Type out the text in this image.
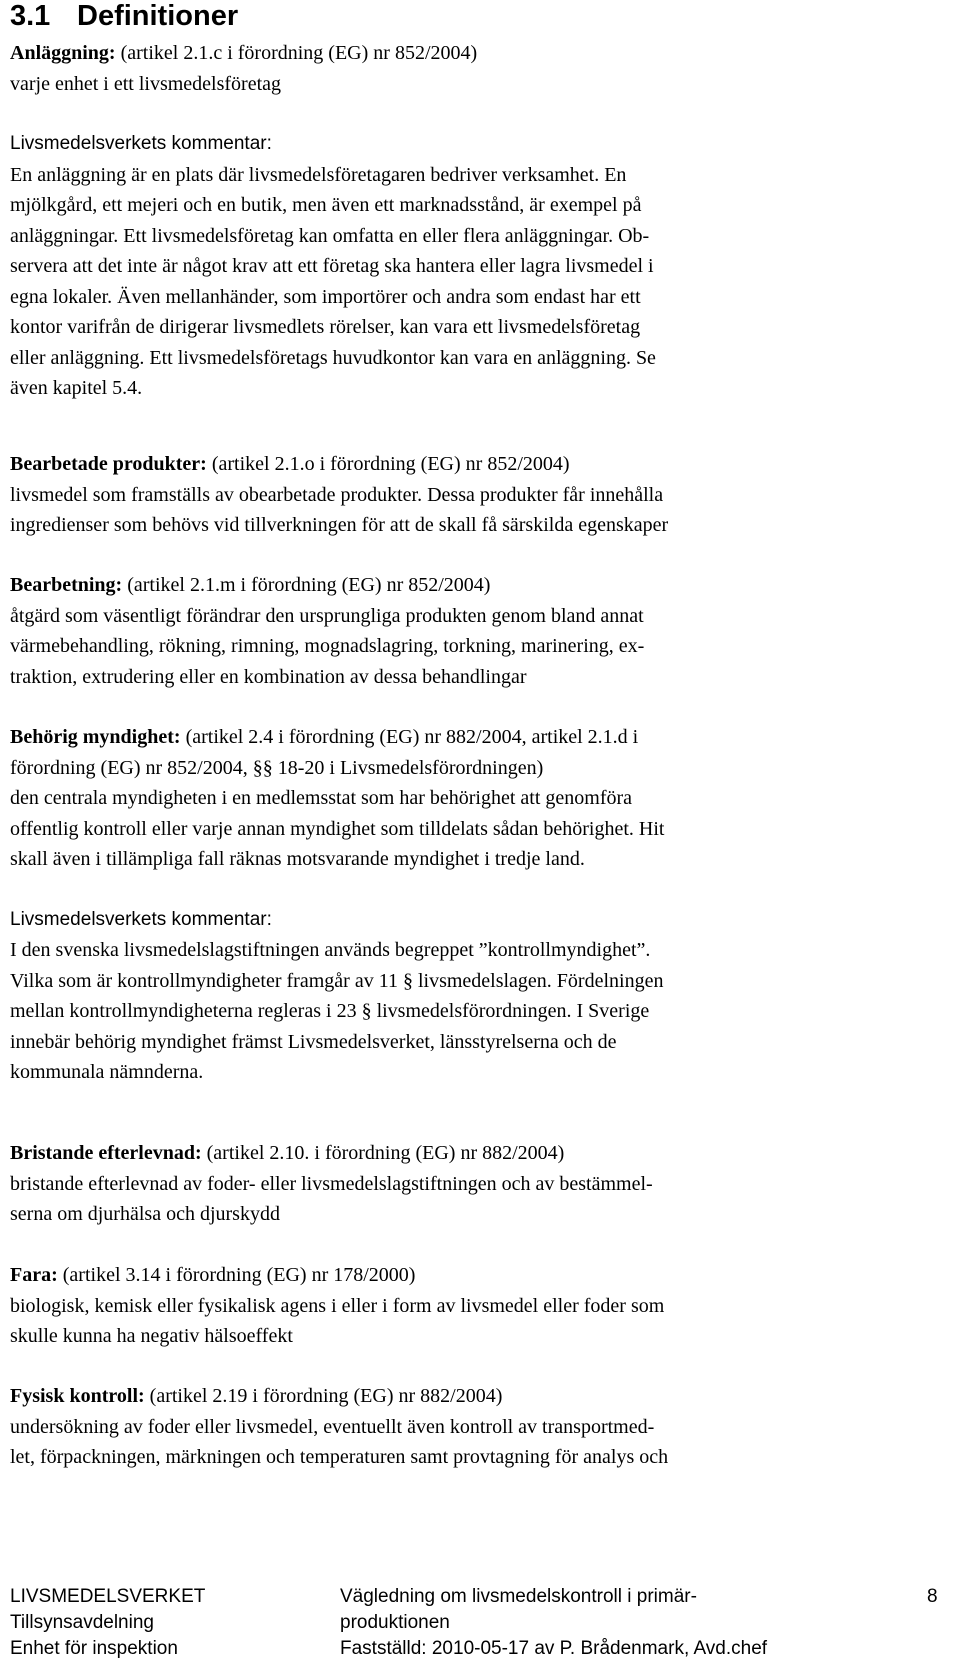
3.1 Definitioner
Anläggning: (artikel 2.1.c i förordning (EG) nr 852/2004)
varje enhet i ett livsmedelsföretag
Livsmedelsverkets kommentar:
En anläggning är en plats där livsmedelsföretagaren bedriver verksamhet. En
mjölkgård, ett mejeri och en butik, men även ett marknadsstånd, är exempel på
anläggningar. Ett livsmedelsföretag kan omfatta en eller flera anläggningar. Ob-
servera att det inte är något krav att ett företag ska hantera eller lagra livsmedel i
egna lokaler. Även mellanhänder, som importörer och andra som endast har ett
kontor varifrån de dirigerar livsmedlets rörelser, kan vara ett livsmedelsföretag
eller anläggning. Ett livsmedelsföretags huvudkontor kan vara en anläggning. Se
även kapitel 5.4.
Bearbetade produkter: (artikel 2.1.o i förordning (EG) nr 852/2004)
livsmedel som framställs av obearbetade produkter. Dessa produkter får innehålla
ingredienser som behövs vid tillverkningen för att de skall få särskilda egenskaper
Bearbetning: (artikel 2.1.m i förordning (EG) nr 852/2004)
åtgärd som väsentligt förändrar den ursprungliga produkten genom bland annat
värmebehandling, rökning, rimning, mognadslagring, torkning, marinering, ex-
traktion, extrudering eller en kombination av dessa behandlingar
Behörig myndighet: (artikel 2.4 i förordning (EG) nr 882/2004, artikel 2.1.d i
förordning (EG) nr 852/2004, §§ 18-20 i Livsmedelsförordningen)
den centrala myndigheten i en medlemsstat som har behörighet att genomföra
offentlig kontroll eller varje annan myndighet som tilldelats sådan behörighet. Hit
skall även i tillämpliga fall räknas motsvarande myndighet i tredje land.
Livsmedelsverkets kommentar:
I den svenska livsmedelslagstiftningen används begreppet ”kontrollmyndighet”.
Vilka som är kontrollmyndigheter framgår av 11 § livsmedelslagen. Fördelningen
mellan kontrollmyndigheterna regleras i 23 § livsmedelsförordningen. I Sverige
innebär behörig myndighet främst Livsmedelsverket, länsstyrelserna och de
kommunala nämnderna.
Bristande efterlevnad: (artikel 2.10. i förordning (EG) nr 882/2004)
bristande efterlevnad av foder- eller livsmedelslagstiftningen och av bestämmel-
serna om djurhälsa och djurskydd
Fara: (artikel 3.14 i förordning (EG) nr 178/2000)
biologisk, kemisk eller fysikalisk agens i eller i form av livsmedel eller foder som
skulle kunna ha negativ hälsoeffekt
Fysisk kontroll: (artikel 2.19 i förordning (EG) nr 882/2004)
undersökning av foder eller livsmedel, eventuellt även kontroll av transportmed-
let, förpackningen, märkningen och temperaturen samt provtagning för analys och
LIVSMEDELSVERKET
Tillsynsavdelning
Enhet för inspektion
Vägledning om livsmedelskontroll i primär-
produktionen
Fastställd: 2010-05-17 av P. Brådenmark, Avd.chef
8
